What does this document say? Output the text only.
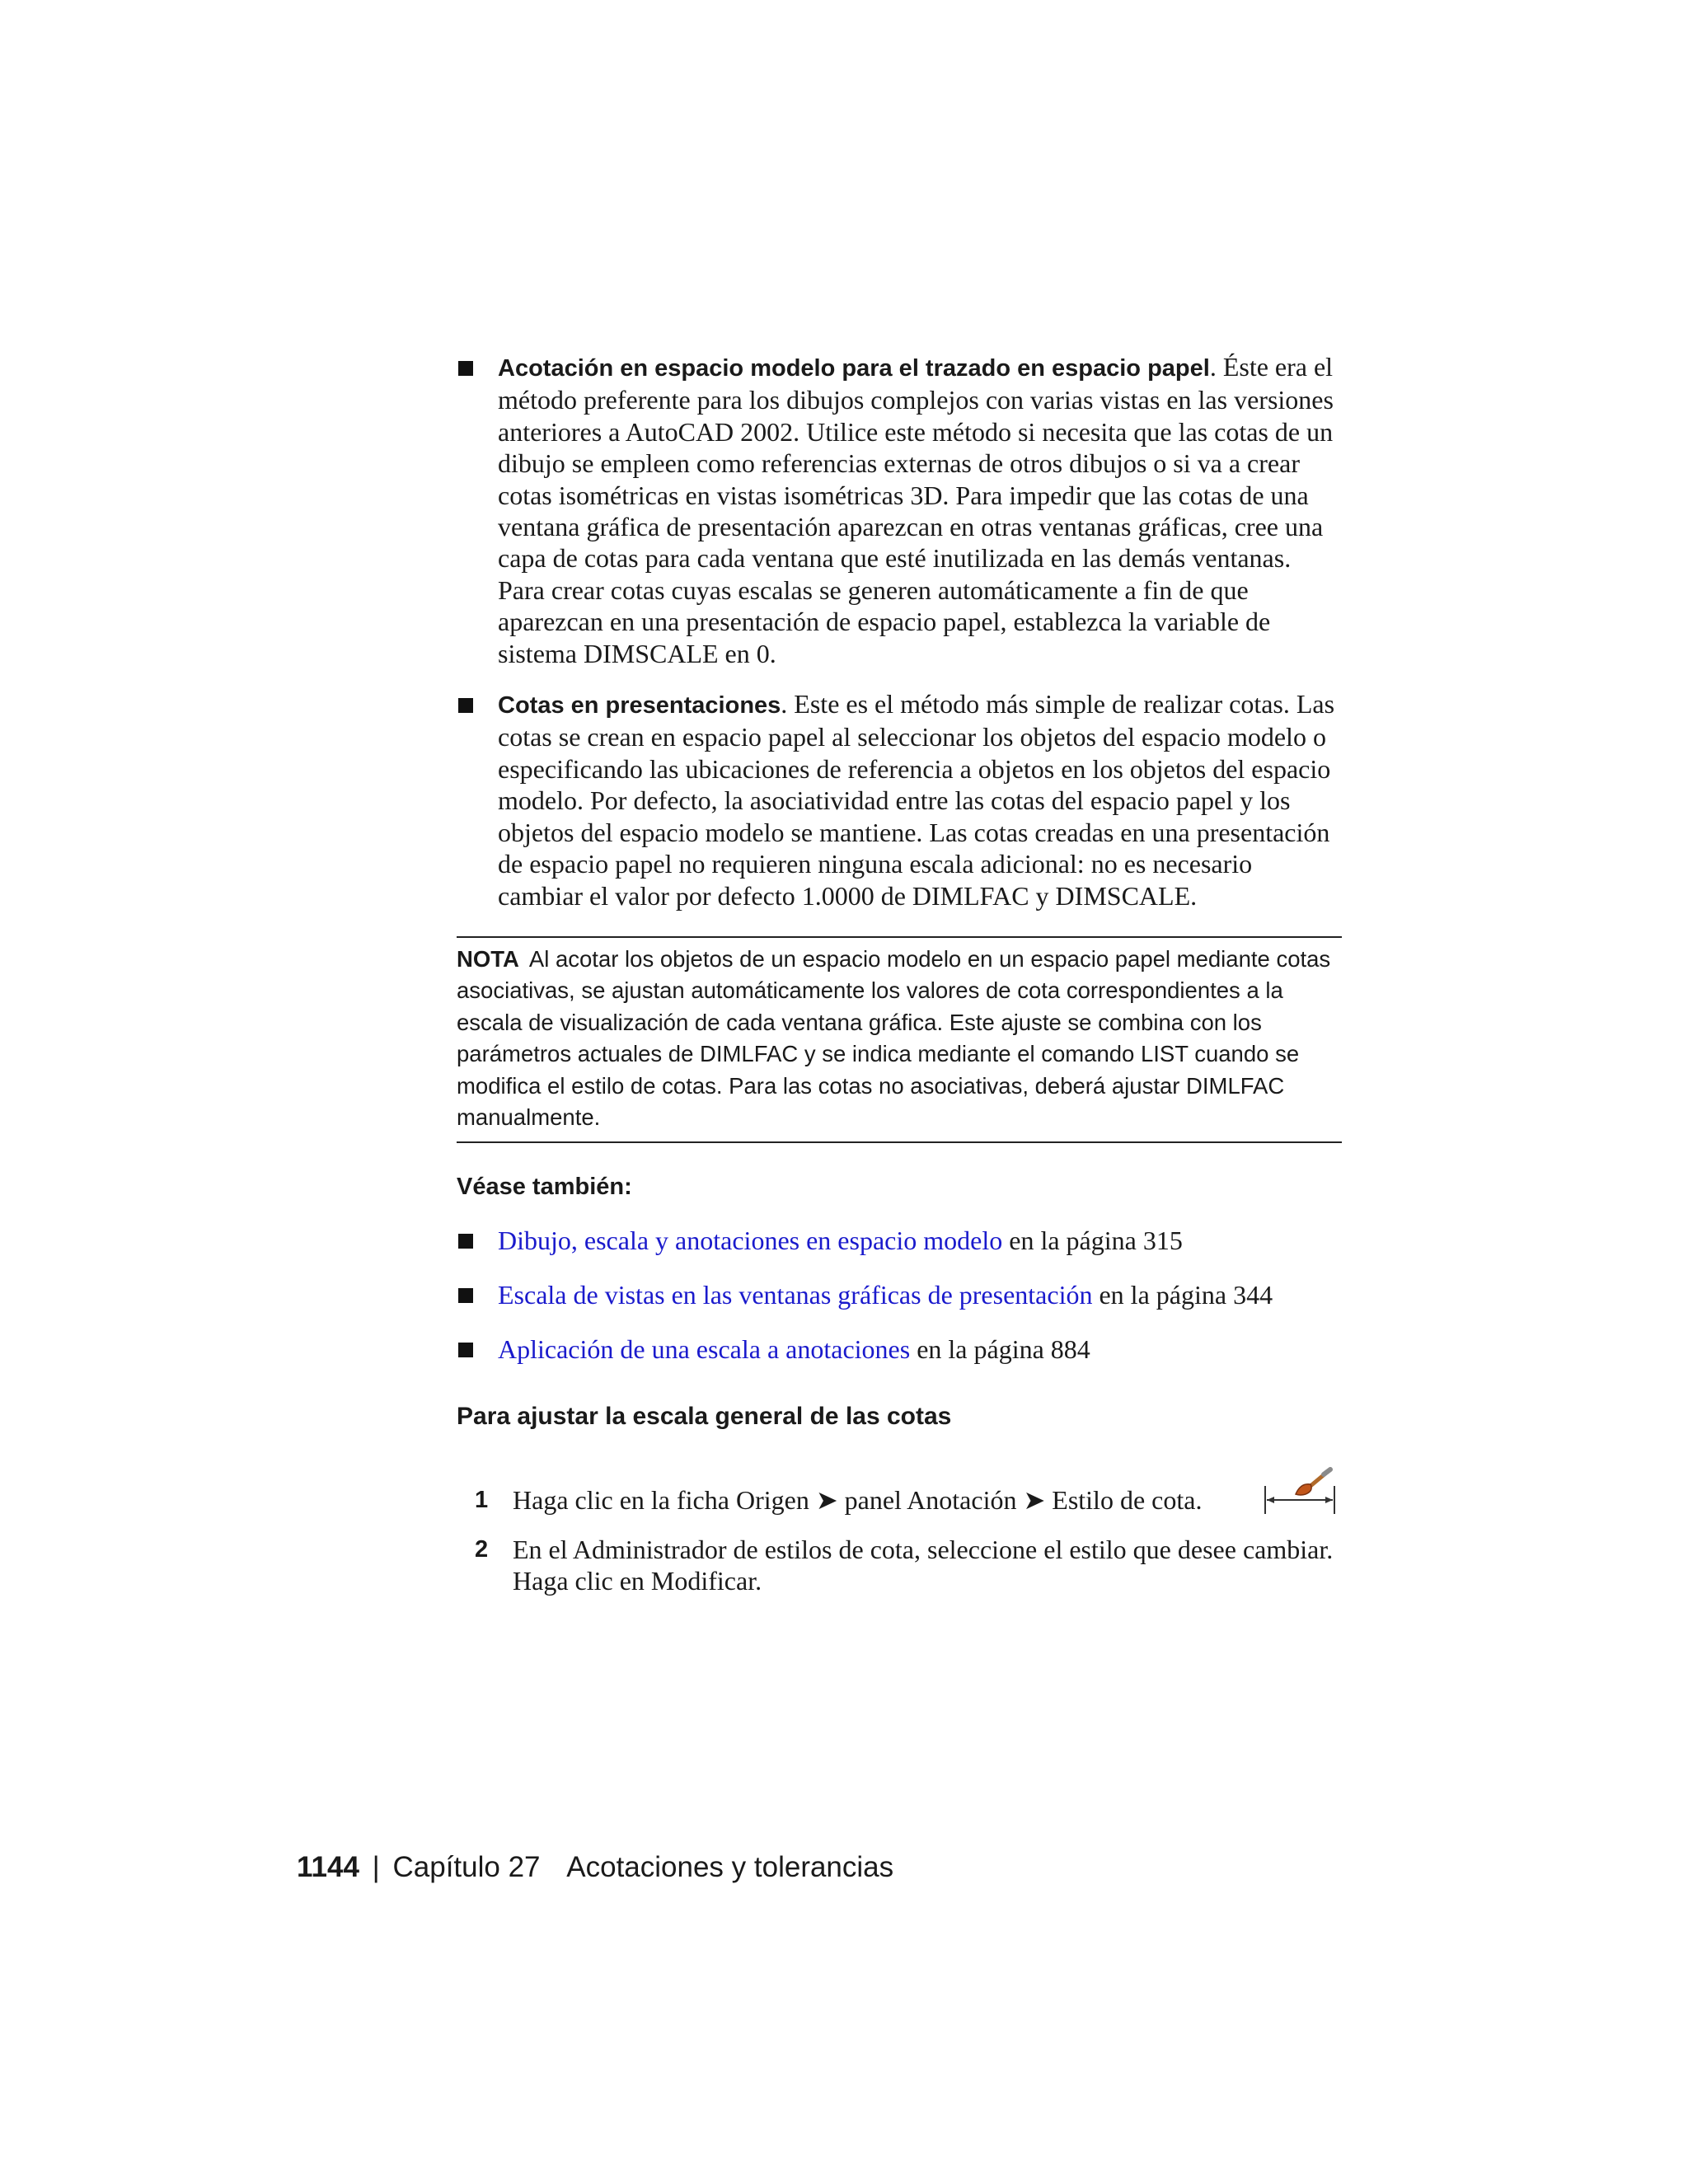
Acotación en espacio modelo para el trazado en espacio papel. Éste era el método preferente para los dibujos complejos con varias vistas en las versiones anteriores a AutoCAD 2002. Utilice este método si necesita que las cotas de un dibujo se empleen como referencias externas de otros dibujos o si va a crear cotas isométricas en vistas isométricas 3D. Para impedir que las cotas de una ventana gráfica de presentación aparezcan en otras ventanas gráficas, cree una capa de cotas para cada ventana que esté inutilizada en las demás ventanas. Para crear cotas cuyas escalas se generen automáticamente a fin de que aparezcan en una presentación de espacio papel, establezca la variable de sistema DIMSCALE en 0.
Cotas en presentaciones. Este es el método más simple de realizar cotas. Las cotas se crean en espacio papel al seleccionar los objetos del espacio modelo o especificando las ubicaciones de referencia a objetos en los objetos del espacio modelo. Por defecto, la asociatividad entre las cotas del espacio papel y los objetos del espacio modelo se mantiene. Las cotas creadas en una presentación de espacio papel no requieren ninguna escala adicional: no es necesario cambiar el valor por defecto 1.0000 de DIMLFAC y DIMSCALE.
NOTA Al acotar los objetos de un espacio modelo en un espacio papel mediante cotas asociativas, se ajustan automáticamente los valores de cota correspondientes a la escala de visualización de cada ventana gráfica. Este ajuste se combina con los parámetros actuales de DIMLFAC y se indica mediante el comando LIST cuando se modifica el estilo de cotas. Para las cotas no asociativas, deberá ajustar DIMLFAC manualmente.
Véase también:
Dibujo, escala y anotaciones en espacio modelo en la página 315
Escala de vistas en las ventanas gráficas de presentación en la página 344
Aplicación de una escala a anotaciones en la página 884
Para ajustar la escala general de las cotas
1 Haga clic en la ficha Origen ➤ panel Anotación ➤ Estilo de cota.
2 En el Administrador de estilos de cota, seleccione el estilo que desee cambiar. Haga clic en Modificar.
1144 | Capítulo 27 Acotaciones y tolerancias
